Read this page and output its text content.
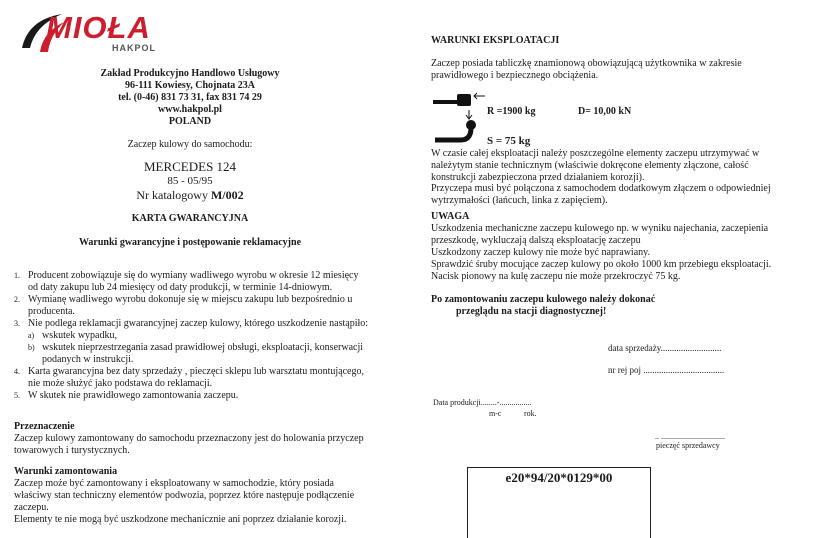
MIOŁA
HAKPOL
Zakład Produkcyjno Handlowo Usługowy
96-111 Kowiesy, Chojnata 23A
tel. (0-46) 831 73 31, fax 831 74 29
www.hakpol.pl
POLAND
Zaczep kulowy do samochodu:
MERCEDES 124
85 - 05/95
Nr katalogowy M/002
KARTA GWARANCYJNA
Warunki gwarancyjne i postępowanie reklamacyjne
1. Producent zobowiązuje się do wymiany wadliwego wyrobu w okresie 12 miesięcy od daty zakupu lub 24 miesięcy od daty produkcji, w terminie 14-dniowym.
2. Wymianę wadliwego wyrobu dokonuje się w miejscu zakupu lub bezpośrednio u producenta.
3. Nie podlega reklamacji gwarancyjnej zaczep kulowy, którego uszkodzenie nastąpiło:
a) wskutek wypadku,
b) wskutek nieprzestrzegania zasad prawidłowej obsługi, eksploatacji, konserwacji podanych w instrukcji.
4. Karta gwarancyjna bez daty sprzedaży , pieczęci sklepu lub warsztatu montującego, nie może służyć jako podstawa do reklamacji.
5. W skutek nie prawidłowego zamontowania zaczepu.
Przeznaczenie
Zaczep kulowy zamontowany do samochodu przeznaczony jest do holowania przyczep towarowych i turystycznych.
Warunki zamontowania
Zaczep może być zamontowany i eksploatowany w samochodzie, który posiada właściwy stan techniczny elementów podwozia, poprzez które następuje podłączenie zaczepu.
Elementy te nie mogą być uszkodzone mechanicznie ani poprzez działanie korozji.
WARUNKI EKSPLOATACJI
Zaczep posiada tabliczkę znamionową obowiązującą użytkownika w zakresie prawidłowego i bezpiecznego obciążenia.
R =1900 kg	D= 10,00 kN
S = 75 kg
W czasie całej eksploatacji należy poszczególne elementy zaczepu utrzymywać w należytym stanie technicznym (właściwie dokręcone elementy złączone, całość konstrukcji zabezpieczona przed działaniem korozji).
Przyczepa musi być połączona z samochodem dodatkowym złączem o odpowiedniej wytrzymałości (łańcuch, linka z zapięciem).
UWAGA
Uszkodzenia mechaniczne zaczepu kulowego np. w wyniku najechania, zaczepienia przeszkodę, wykluczają dalszą eksploatację zaczepu
Uszkodzony zaczep kulowy nie może być naprawiany.
Sprawdzić śruby mocujące zaczep kulowy po około 1000 km przebiegu eksploatacji.
Nacisk pionowy na kulę zaczepu nie może przekroczyć 75 kg.
Po zamontowaniu zaczepu kulowego należy dokonać
przeglądu na stacji diagnostycznej!
data sprzedaży...........................
nr rej poj ....................................
Data produkcji........-................
m-c	rok.
.. ................................
pieczęć sprzedawcy
e20*94/20*0129*00
